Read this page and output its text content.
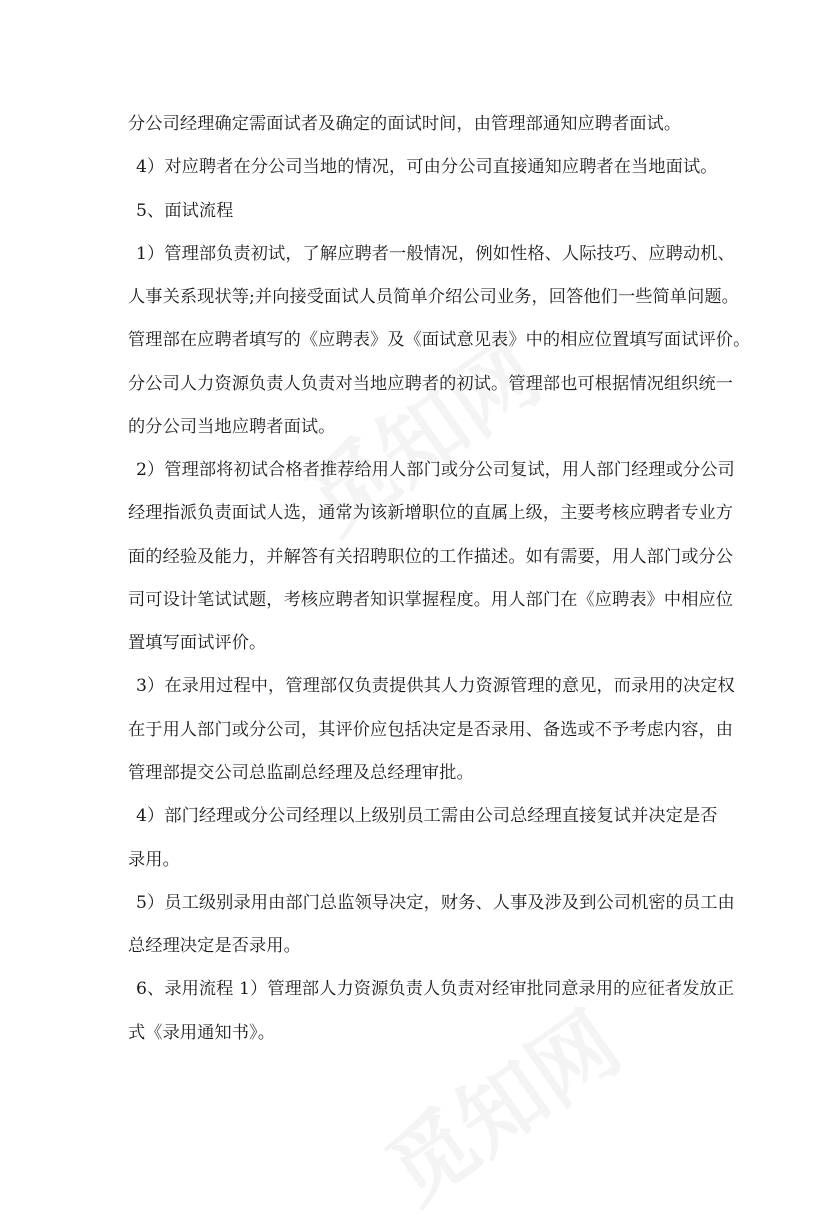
分公司经理确定需面试者及确定的面试时间，由管理部通知应聘者面试。
4）对应聘者在分公司当地的情况，可由分公司直接通知应聘者在当地面试。
5、面试流程
1）管理部负责初试，了解应聘者一般情况，例如性格、人际技巧、应聘动机、
人事关系现状等;并向接受面试人员简单介绍公司业务，回答他们一些简单问题。
管理部在应聘者填写的《应聘表》及《面试意见表》中的相应位置填写面试评价。
分公司人力资源负责人负责对当地应聘者的初试。管理部也可根据情况组织统一
的分公司当地应聘者面试。
2）管理部将初试合格者推荐给用人部门或分公司复试，用人部门经理或分公司
经理指派负责面试人选，通常为该新增职位的直属上级，主要考核应聘者专业方
面的经验及能力，并解答有关招聘职位的工作描述。如有需要，用人部门或分公
司可设计笔试试题，考核应聘者知识掌握程度。用人部门在《应聘表》中相应位
置填写面试评价。
3）在录用过程中，管理部仅负责提供其人力资源管理的意见，而录用的决定权
在于用人部门或分公司，其评价应包括决定是否录用、备选或不予考虑内容，由
管理部提交公司总监副总经理及总经理审批。
4）部门经理或分公司经理以上级别员工需由公司总经理直接复试并决定是否
录用。
5）员工级别录用由部门总监领导决定，财务、人事及涉及到公司机密的员工由
总经理决定是否录用。
6、录用流程 1）管理部人力资源负责人负责对经审批同意录用的应征者发放正
式《录用通知书》。
